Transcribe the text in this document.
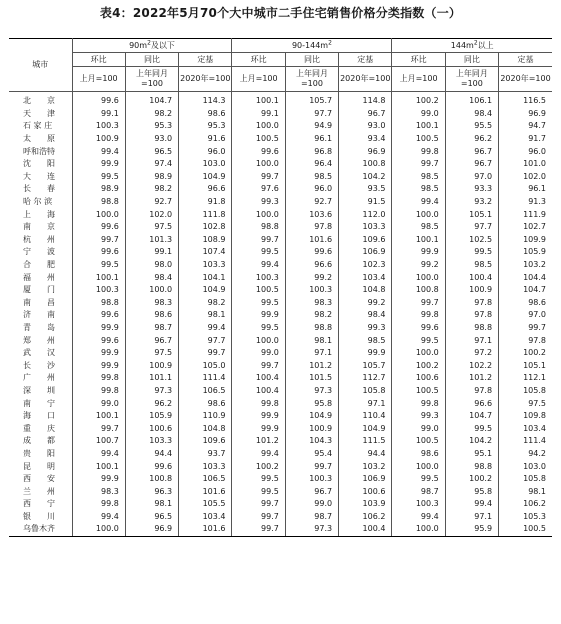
表4：2022年5月70个大中城市二手住宅销售价格分类指数（一）
城市	$90m^2$及以下			$90-144m^2$			$144m^2$以上		
	环比	同比	定基	环比	同比	定基	环比	同比	定基
	上月=100	上年同月=100	2020年=100	上月=100	上年同月=100	2020年=100	上月=100	上年同月=100	2020年=100
北　　京	99.6	104.7	114.3	100.1	105.7	114.8	100.2	106.1	116.5
天　　津	99.1	98.2	98.6	99.1	97.7	96.7	99.0	98.4	96.9
石 家 庄	100.3	95.3	95.3	100.0	94.9	93.0	100.1	95.5	94.7
太　　原	100.9	93.0	91.6	100.5	96.1	93.4	100.5	96.2	91.7
呼和浩特	99.4	96.5	96.0	99.6	96.8	96.9	99.8	96.7	96.0
沈　　阳	99.9	97.4	103.0	100.0	96.4	100.8	99.7	96.7	101.0
大　　连	99.5	98.9	104.9	99.7	98.5	104.2	98.5	97.0	102.0
长　　春	98.9	98.2	96.6	97.6	96.0	93.5	98.5	93.3	96.1
哈 尔 滨	98.8	92.7	91.8	99.3	92.7	91.5	99.4	93.2	91.3
上　　海	100.0	102.0	111.8	100.0	103.6	112.0	100.0	105.1	111.9
南　　京	99.6	97.5	102.8	98.8	97.8	103.3	98.5	97.7	102.7
杭　　州	99.7	101.3	108.9	99.7	101.6	109.6	100.1	102.5	109.9
宁　　波	99.6	99.1	107.4	99.5	99.6	106.9	99.9	99.5	105.9
合　　肥	99.5	98.0	103.3	99.4	96.6	102.3	99.2	98.5	103.2
福　　州	100.1	98.4	104.1	100.3	99.2	103.4	100.0	100.4	104.4
厦　　门	100.3	100.0	104.9	100.5	100.3	104.8	100.8	100.9	104.7
南　　昌	98.8	98.3	98.2	99.5	98.3	99.2	99.7	97.8	98.6
济　　南	99.6	98.6	98.1	99.9	98.2	98.4	99.8	97.8	97.0
青　　岛	99.9	98.7	99.4	99.5	98.8	99.3	99.6	98.8	99.7
郑　　州	99.6	96.7	97.7	100.0	98.1	98.5	99.5	97.1	97.8
武　　汉	99.9	97.5	99.7	99.0	97.1	99.9	100.0	97.2	100.2
长　　沙	99.9	100.9	105.0	99.7	101.2	105.7	100.2	102.2	105.1
广　　州	99.8	101.1	111.4	100.4	101.5	112.7	100.6	101.2	112.1
深　　圳	99.8	97.3	106.5	100.4	97.3	105.8	100.5	97.8	105.8
南　　宁	99.0	96.2	98.6	99.8	95.8	97.1	99.8	96.6	97.5
海　　口	100.1	105.9	110.9	99.9	104.9	110.4	99.3	104.7	109.8
重　　庆	99.7	100.6	104.8	99.9	100.9	104.9	99.0	99.5	103.4
成　　都	100.7	103.3	109.6	101.2	104.3	111.5	100.5	104.2	111.4
贵　　阳	99.4	94.4	93.7	99.4	95.4	94.4	98.6	95.1	94.2
昆　　明	100.1	99.6	103.3	100.2	99.7	103.2	100.0	98.8	103.0
西　　安	99.9	100.8	106.5	99.5	100.3	106.9	99.5	100.2	105.8
兰　　州	98.3	96.3	101.6	99.5	96.7	100.6	98.7	95.8	98.1
西　　宁	99.8	98.1	105.5	99.7	99.0	103.9	100.3	99.4	106.2
银　　川	99.4	96.5	103.4	99.7	98.7	106.2	99.4	97.1	105.3
乌鲁木齐	100.0	96.9	101.6	99.7	97.3	100.4	100.0	95.9	100.5
